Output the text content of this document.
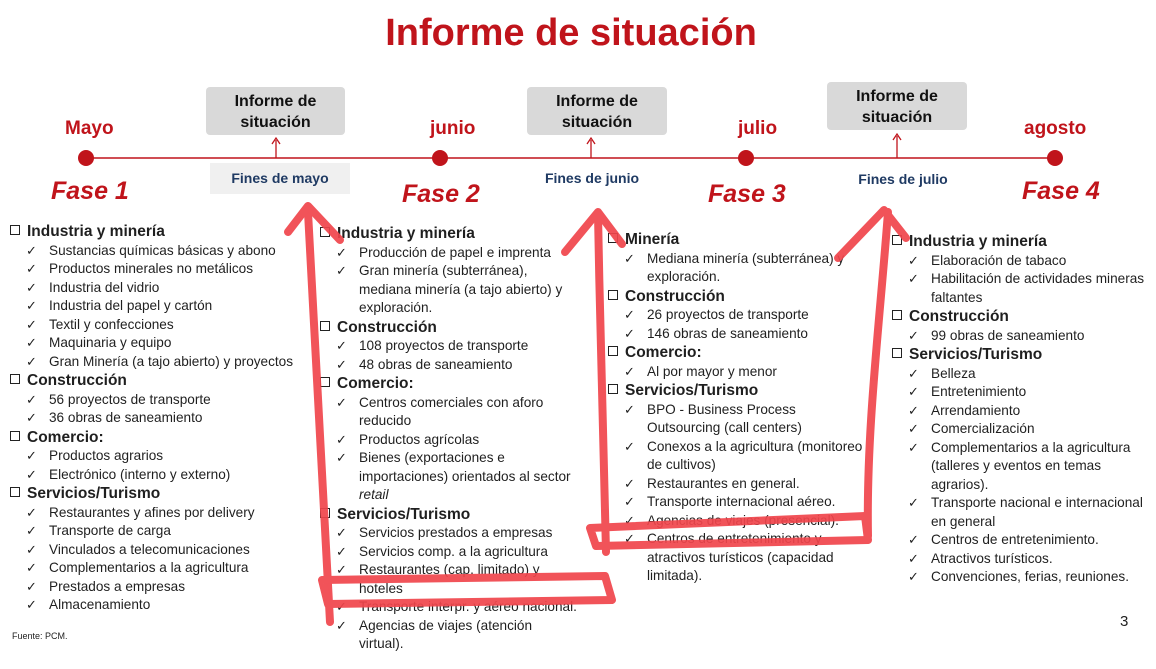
Informe de situación
Mayo	junio	julio	agosto
Fase 1	Fase 2	Fase 3	Fase 4
Informe de situación
Informe de situación
Informe de situación
Fines de mayo	Fines de junio	Fines de julio
Industria y minería
✓ Sustancias químicas básicas y abono
✓ Productos minerales no metálicos
✓ Industria del vidrio
✓ Industria del papel y cartón
✓ Textil y confecciones
✓ Maquinaria y equipo
✓ Gran Minería (a tajo abierto) y proyectos
Construcción
✓ 56 proyectos de transporte
✓ 36 obras de saneamiento
Comercio:
✓ Productos agrarios
✓ Electrónico (interno y externo)
Servicios/Turismo
✓ Restaurantes y afines por delivery
✓ Transporte de carga
✓ Vinculados a telecomunicaciones
✓ Complementarios a la agricultura
✓ Prestados a empresas
✓ Almacenamiento
Industria y minería
✓ Producción de papel e imprenta
✓ Gran minería (subterránea), mediana minería (a tajo abierto) y exploración.
Construcción
✓ 108 proyectos de transporte
✓ 48 obras de saneamiento
Comercio:
✓ Centros comerciales con aforo reducido
✓ Productos agrícolas
✓ Bienes (exportaciones e importaciones) orientados al sector retail
Servicios/Turismo
✓ Servicios prestados a empresas
✓ Servicios comp. a la agricultura
✓ Restaurantes (cap. limitado) y hoteles
✓ Transporte interpr. y aéreo nacional.
✓ Agencias de viajes (atención virtual).
Minería
✓ Mediana minería (subterránea) y exploración.
Construcción
✓ 26 proyectos de transporte
✓ 146 obras de saneamiento
Comercio:
✓ Al por mayor y menor
Servicios/Turismo
✓ BPO - Business Process Outsourcing (call centers)
✓ Conexos a la agricultura (monitoreo de cultivos)
✓ Restaurantes en general.
✓ Transporte internacional aéreo.
✓ Agencias de viajes (presencial).
✓ Centros de entretenimiento y atractivos turísticos (capacidad limitada).
Industria y minería
✓ Elaboración de tabaco
✓ Habilitación de actividades mineras faltantes
Construcción
✓ 99 obras de saneamiento
Servicios/Turismo
✓ Belleza
✓ Entretenimiento
✓ Arrendamiento
✓ Comercialización
✓ Complementarios a la agricultura (talleres y eventos en temas agrarios).
✓ Transporte nacional e internacional en general
✓ Centros de entretenimiento.
✓ Atractivos turísticos.
✓ Convenciones, ferias, reuniones.
Fuente: PCM.
3
